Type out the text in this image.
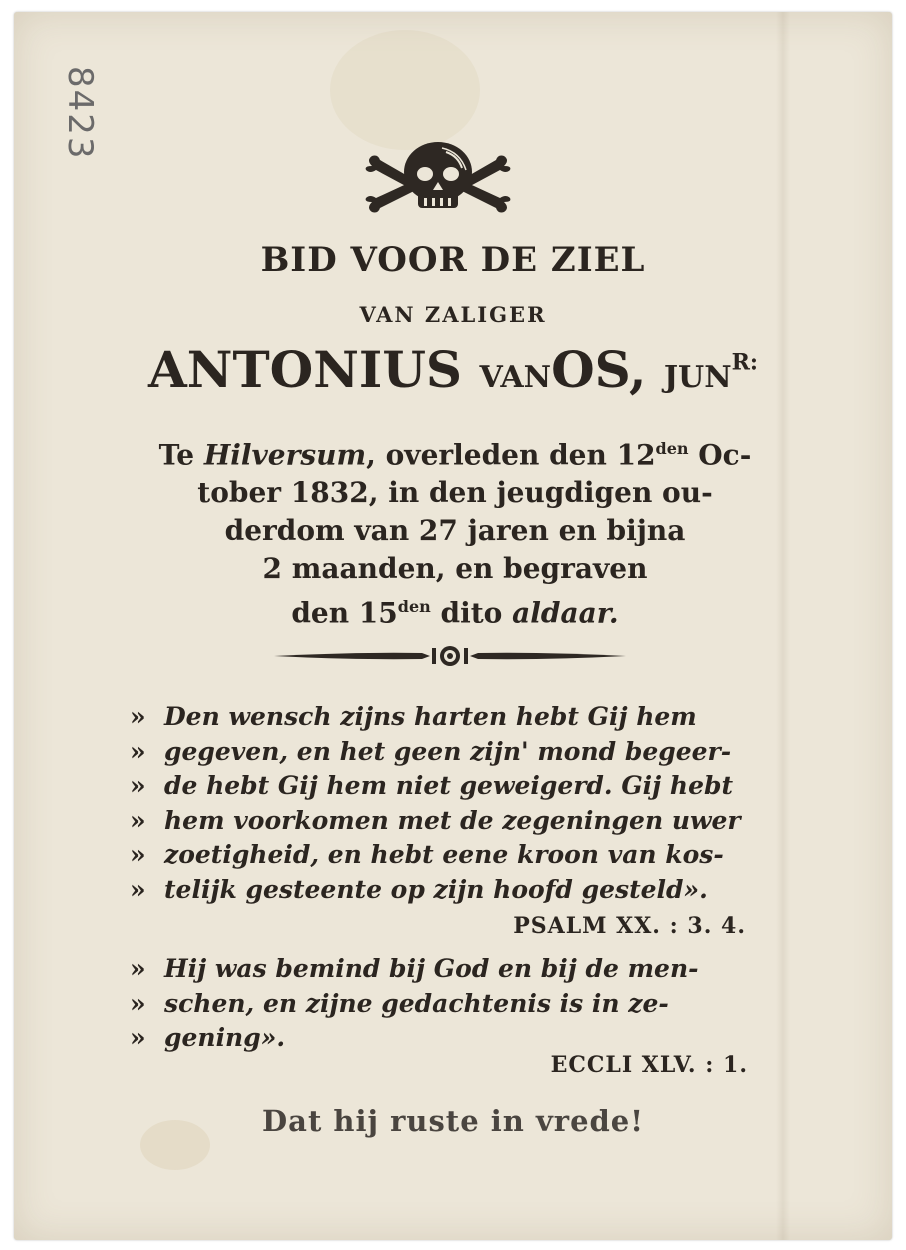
8423
BID VOOR DE ZIEL
VAN ZALIGER
ANTONIUS VANOS, $JUN^{R:}$
Te Hilversum, overleden den $12^{den}$ Oc-
tober 1832, in den jeugdigen ou-
derdom van 27 jaren en bijna
2 maanden, en begraven
den $15^{den}$ dito aldaar.
» Den wensch zijns harten hebt Gij hem
» gegeven, en het geen zijn' mond begeer-
» de hebt Gij hem niet geweigerd. Gij hebt
» hem voorkomen met de zegeningen uwer
» zoetigheid, en hebt eene kroon van kos-
» telijk gesteente op zijn hoofd gesteld».
PSALM XX. : 3. 4.
» Hij was bemind bij God en bij de men-
» schen, en zijne gedachtenis is in ze-
» gening».
ECCLI XLV. : 1.
Dat hij ruste in vrede!
